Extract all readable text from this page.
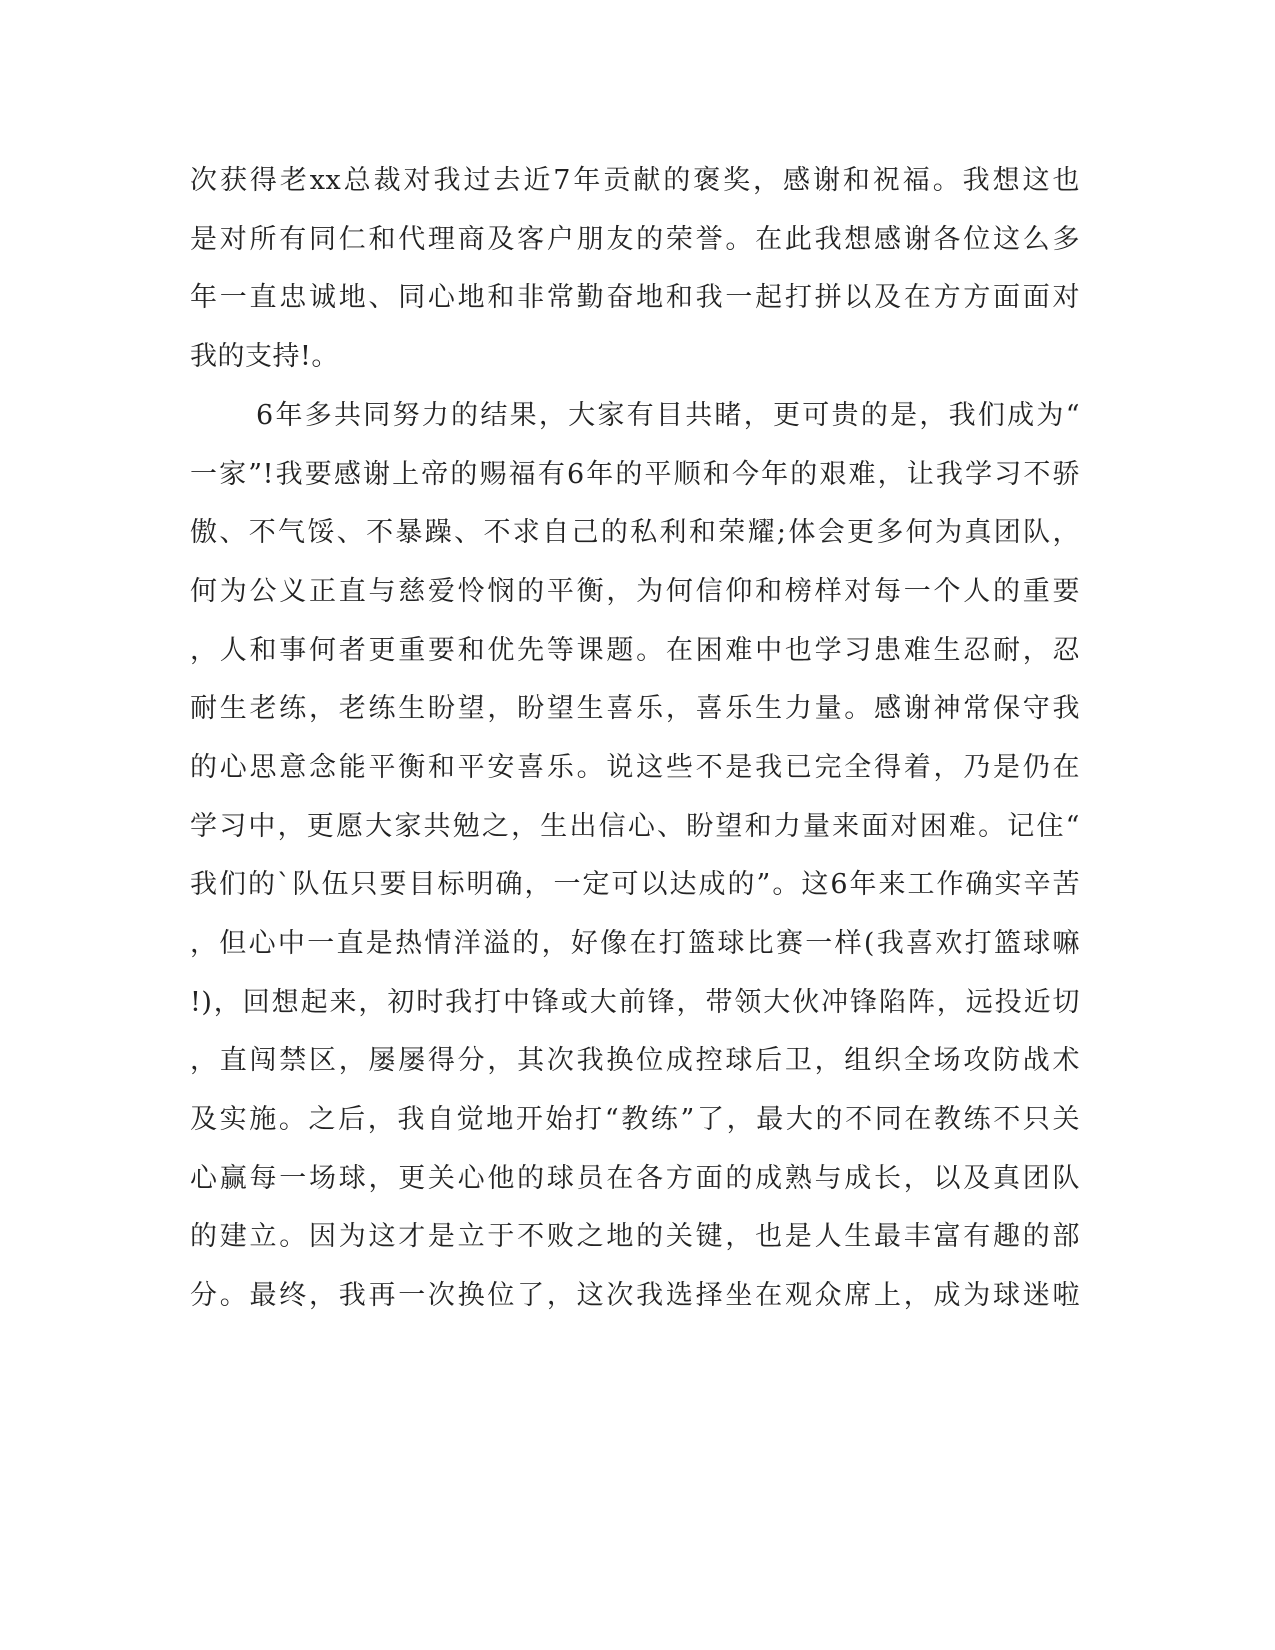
次获得老xx总裁对我过去近7年贡献的褒奖，感谢和祝福。我想这也
是对所有同仁和代理商及客户朋友的荣誉。在此我想感谢各位这么多
年一直忠诚地、同心地和非常勤奋地和我一起打拼以及在方方面面对
我的支持!。
6年多共同努力的结果，大家有目共睹，更可贵的是，我们成为“
一家”!我要感谢上帝的赐福有6年的平顺和今年的艰难，让我学习不骄
傲、不气馁、不暴躁、不求自己的私利和荣耀;体会更多何为真团队，
何为公义正直与慈爱怜悯的平衡，为何信仰和榜样对每一个人的重要
，人和事何者更重要和优先等课题。在困难中也学习患难生忍耐，忍
耐生老练，老练生盼望，盼望生喜乐，喜乐生力量。感谢神常保守我
的心思意念能平衡和平安喜乐。说这些不是我已完全得着，乃是仍在
学习中，更愿大家共勉之，生出信心、盼望和力量来面对困难。记住“
我们的`队伍只要目标明确，一定可以达成的”。这6年来工作确实辛苦
，但心中一直是热情洋溢的，好像在打篮球比赛一样(我喜欢打篮球嘛
!)，回想起来，初时我打中锋或大前锋，带领大伙冲锋陷阵，远投近切
，直闯禁区，屡屡得分，其次我换位成控球后卫，组织全场攻防战术
及实施。之后，我自觉地开始打“教练”了，最大的不同在教练不只关
心赢每一场球，更关心他的球员在各方面的成熟与成长，以及真团队
的建立。因为这才是立于不败之地的关键，也是人生最丰富有趣的部
分。最终，我再一次换位了，这次我选择坐在观众席上，成为球迷啦
